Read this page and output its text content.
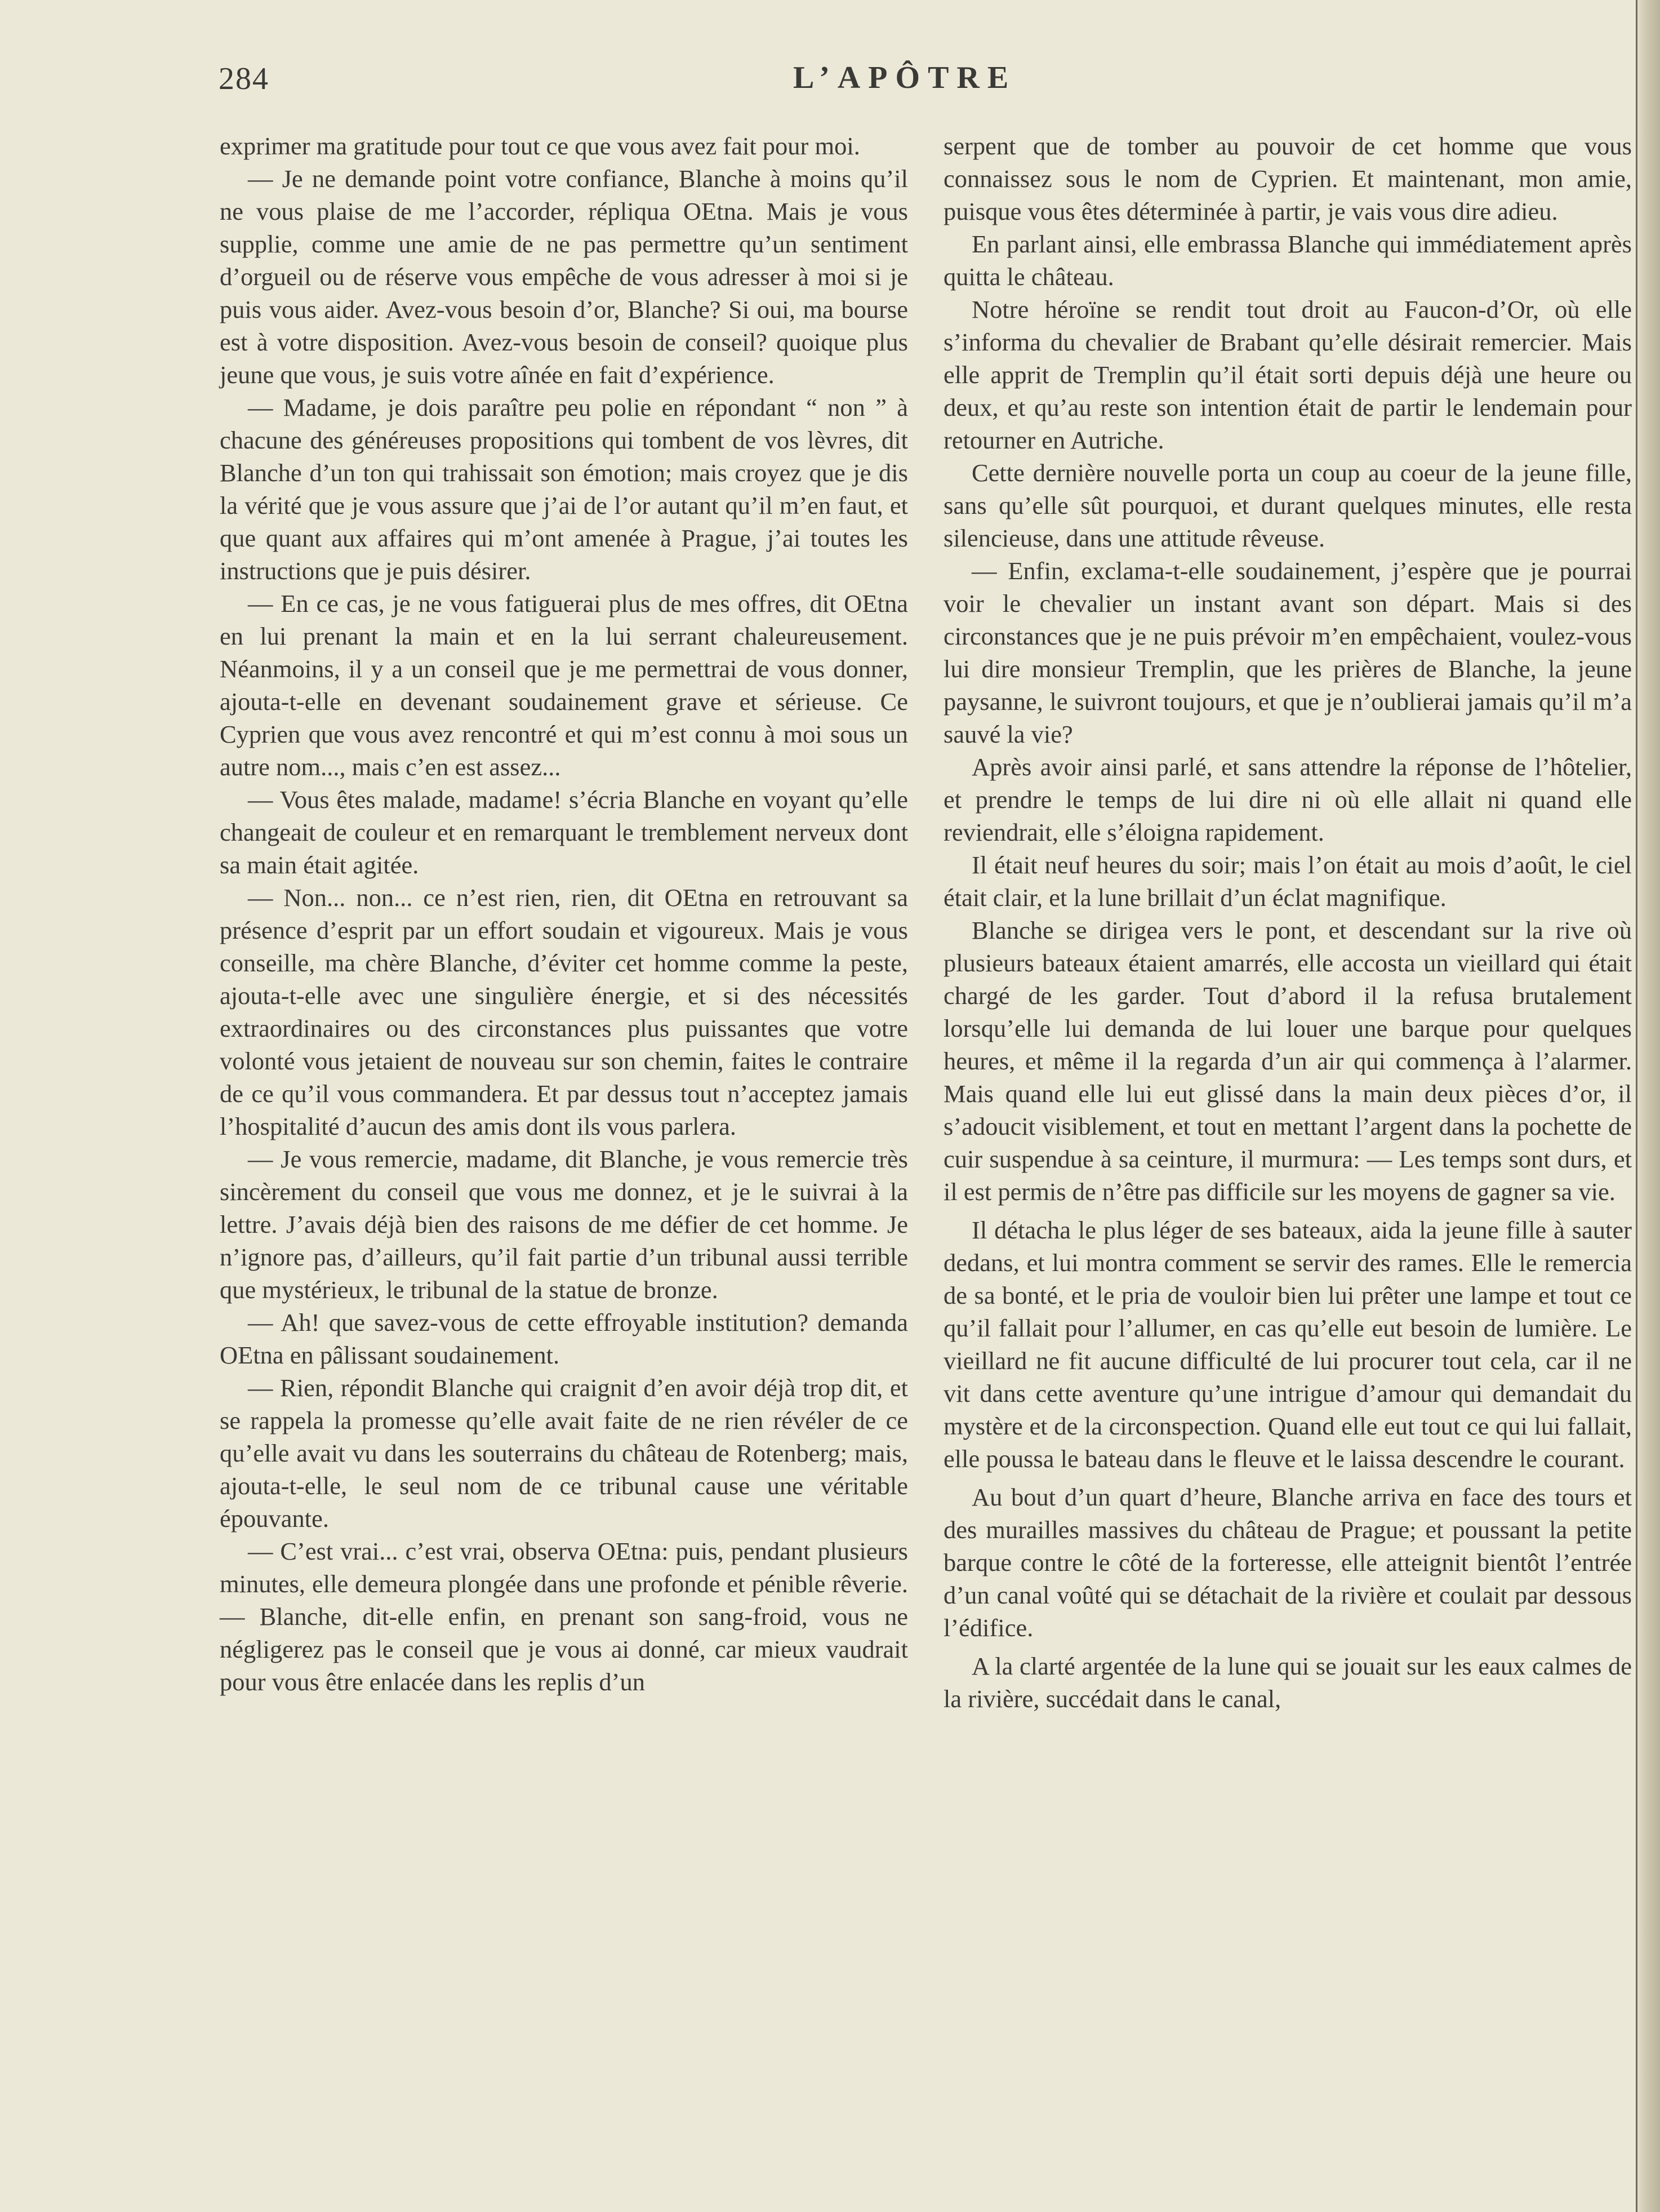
284	L’APÔTRE

exprimer ma gratitude pour tout ce que vous avez fait pour moi.

— Je ne demande point votre confiance, Blanche à moins qu’il ne vous plaise de me l’accorder, répliqua OEtna. Mais je vous supplie, comme une amie de ne pas permettre qu’un sentiment d’orgueil ou de réserve vous empêche de vous adresser à moi si je puis vous aider. Avez-vous besoin d’or, Blanche? Si oui, ma bourse est à votre disposition. Avez-vous besoin de conseil? quoique plus jeune que vous, je suis votre aînée en fait d’expérience.

— Madame, je dois paraître peu polie en répondant “ non ” à chacune des généreuses propositions qui tombent de vos lèvres, dit Blanche d’un ton qui trahissait son émotion; mais croyez que je dis la vérité que je vous assure que j’ai de l’or autant qu’il m’en faut, et que quant aux affaires qui m’ont amenée à Prague, j’ai toutes les instructions que je puis désirer.

— En ce cas, je ne vous fatiguerai plus de mes offres, dit OEtna en lui prenant la main et en la lui serrant chaleureusement. Néanmoins, il y a un conseil que je me permettrai de vous donner, ajouta-t-elle en devenant soudainement grave et sérieuse. Ce Cyprien que vous avez rencontré et qui m’est connu à moi sous un autre nom..., mais c’en est assez...

— Vous êtes malade, madame! s’écria Blanche en voyant qu’elle changeait de couleur et en remarquant le tremblement nerveux dont sa main était agitée.

— Non... non... ce n’est rien, rien, dit OEtna en retrouvant sa présence d’esprit par un effort soudain et vigoureux. Mais je vous conseille, ma chère Blanche, d’éviter cet homme comme la peste, ajouta-t-elle avec une singulière énergie, et si des nécessités extraordinaires ou des circonstances plus puissantes que votre volonté vous jetaient de nouveau sur son chemin, faites le contraire de ce qu’il vous commandera. Et par dessus tout n’acceptez jamais l’hospitalité d’aucun des amis dont ils vous parlera.

— Je vous remercie, madame, dit Blanche, je vous remercie très sincèrement du conseil que vous me donnez, et je le suivrai à la lettre. J’avais déjà bien des raisons de me défier de cet homme. Je n’ignore pas, d’ailleurs, qu’il fait partie d’un tribunal aussi terrible que mystérieux, le tribunal de la statue de bronze.

— Ah! que savez-vous de cette effroyable institution? demanda OEtna en pâlissant soudainement.

— Rien, répondit Blanche qui craignit d’en avoir déjà trop dit, et se rappela la promesse qu’elle avait faite de ne rien révéler de ce qu’elle avait vu dans les souterrains du château de Rotenberg; mais, ajouta-t-elle, le seul nom de ce tribunal cause une véritable épouvante.

— C’est vrai... c’est vrai, observa OEtna: puis, pendant plusieurs minutes, elle demeura plongée dans une profonde et pénible rêverie.— Blanche, dit-elle enfin, en prenant son sang-froid, vous ne négligerez pas le conseil que je vous ai donné, car mieux vaudrait pour vous être enlacée dans les replis d’un

serpent que de tomber au pouvoir de cet homme que vous connaissez sous le nom de Cyprien. Et maintenant, mon amie, puisque vous êtes déterminée à partir, je vais vous dire adieu.

En parlant ainsi, elle embrassa Blanche qui immédiatement après quitta le château.

Notre héroïne se rendit tout droit au Faucon-d’Or, où elle s’informa du chevalier de Brabant qu’elle désirait remercier. Mais elle apprit de Tremplin qu’il était sorti depuis déjà une heure ou deux, et qu’au reste son intention était de partir le lendemain pour retourner en Autriche.

Cette dernière nouvelle porta un coup au coeur de la jeune fille, sans qu’elle sût pourquoi, et durant quelques minutes, elle resta silencieuse, dans une attitude rêveuse.

— Enfin, exclama-t-elle soudainement, j’espère que je pourrai voir le chevalier un instant avant son départ. Mais si des circonstances que je ne puis prévoir m’en empêchaient, voulez-vous lui dire monsieur Tremplin, que les prières de Blanche, la jeune paysanne, le suivront toujours, et que je n’oublierai jamais qu’il m’a sauvé la vie?

Après avoir ainsi parlé, et sans attendre la réponse de l’hôtelier, et prendre le temps de lui dire ni où elle allait ni quand elle reviendrait, elle s’éloigna rapidement.

Il était neuf heures du soir; mais l’on était au mois d’août, le ciel était clair, et la lune brillait d’un éclat magnifique.

Blanche se dirigea vers le pont, et descendant sur la rive où plusieurs bateaux étaient amarrés, elle accosta un vieillard qui était chargé de les garder. Tout d’abord il la refusa brutalement lorsqu’elle lui demanda de lui louer une barque pour quelques heures, et même il la regarda d’un air qui commença à l’alarmer. Mais quand elle lui eut glissé dans la main deux pièces d’or, il s’adoucit visiblement, et tout en mettant l’argent dans la pochette de cuir suspendue à sa ceinture, il murmura: — Les temps sont durs, et il est permis de n’être pas difficile sur les moyens de gagner sa vie.

Il détacha le plus léger de ses bateaux, aida la jeune fille à sauter dedans, et lui montra comment se servir des rames. Elle le remercia de sa bonté, et le pria de vouloir bien lui prêter une lampe et tout ce qu’il fallait pour l’allumer, en cas qu’elle eut besoin de lumière. Le vieillard ne fit aucune difficulté de lui procurer tout cela, car il ne vit dans cette aventure qu’une intrigue d’amour qui demandait du mystère et de la circonspection. Quand elle eut tout ce qui lui fallait, elle poussa le bateau dans le fleuve et le laissa descendre le courant.

Au bout d’un quart d’heure, Blanche arriva en face des tours et des murailles massives du château de Prague; et poussant la petite barque contre le côté de la forteresse, elle atteignit bientôt l’entrée d’un canal voûté qui se détachait de la rivière et coulait par dessous l’édifice.

A la clarté argentée de la lune qui se jouait sur les eaux calmes de la rivière, succédait dans le canal,
